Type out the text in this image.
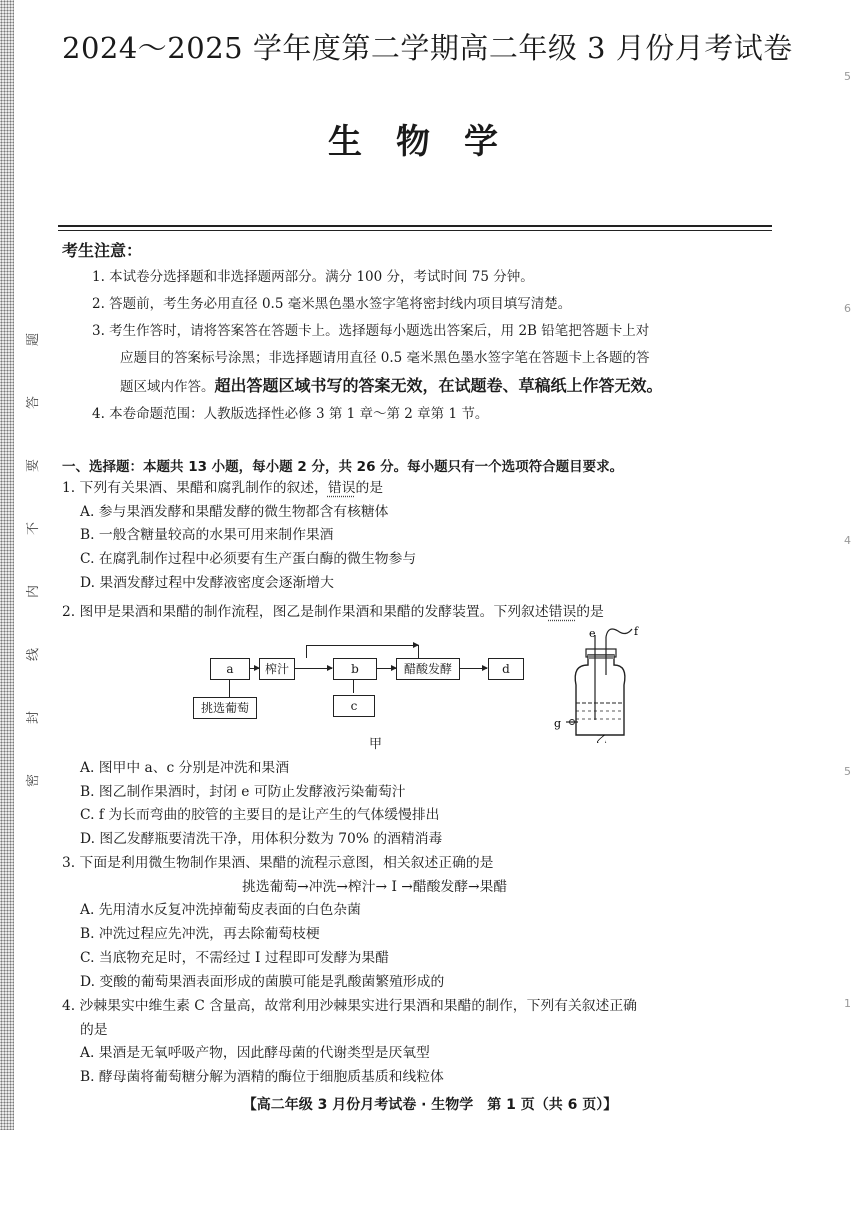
题
答
要
不
内
线
封
密
5
6
4
5
1
2024～2025 学年度第二学期高二年级 3 月份月考试卷
生物学
考生注意：

1. 本试卷分选择题和非选择题两部分。满分 100 分，考试时间 75 分钟。

2. 答题前，考生务必用直径 0.5 毫米黑色墨水签字笔将密封线内项目填写清楚。

3. 考生作答时，请将答案答在答题卡上。选择题每小题选出答案后，用 2B 铅笔把答题卡上对

应题目的答案标号涂黑；非选择题请用直径 0.5 毫米黑色墨水签字笔在答题卡上各题的答

题区域内作答。超出答题区域书写的答案无效，在试题卷、草稿纸上作答无效。

4. 本卷命题范围：人教版选择性必修 3 第 1 章～第 2 章第 1 节。

一、选择题：本题共 13 小题，每小题 2 分，共 26 分。每小题只有一个选项符合题目要求。

1. 下列有关果酒、果醋和腐乳制作的叙述，错误的是

A. 参与果酒发酵和果醋发酵的微生物都含有核糖体

B. 一般含糖量较高的水果可用来制作果酒

C. 在腐乳制作过程中必须要有生产蛋白酶的微生物参与

D. 果酒发酵过程中发酵液密度会逐渐增大

2. 图甲是果酒和果醋的制作流程，图乙是制作果酒和果醋的发酵装置。下列叙述错误的是

a	榨汁	b	醋酸发酵	d
c
挑选葡萄
甲
e	f
g
乙

A. 图甲中 a、c 分别是冲洗和果酒

B. 图乙制作果酒时，封闭 e 可防止发酵液污染葡萄汁

C. f 为长而弯曲的胶管的主要目的是让产生的气体缓慢排出

D. 图乙发酵瓶要清洗干净，用体积分数为 70% 的酒精消毒

3. 下面是利用微生物制作果酒、果醋的流程示意图，相关叙述正确的是

挑选葡萄→冲洗→榨汁→ Ⅰ →醋酸发酵→果醋

A. 先用清水反复冲洗掉葡萄皮表面的白色杂菌

B. 冲洗过程应先冲洗，再去除葡萄枝梗

C. 当底物充足时，不需经过 Ⅰ 过程即可发酵为果醋

D. 变酸的葡萄果酒表面形成的菌膜可能是乳酸菌繁殖形成的

4. 沙棘果实中维生素 C 含量高，故常利用沙棘果实进行果酒和果醋的制作，下列有关叙述正确

的是

A. 果酒是无氧呼吸产物，因此酵母菌的代谢类型是厌氧型

B. 酵母菌将葡萄糖分解为酒精的酶位于细胞质基质和线粒体

【高二年级 3 月份月考试卷 · 生物学　第 1 页（共 6 页）】
